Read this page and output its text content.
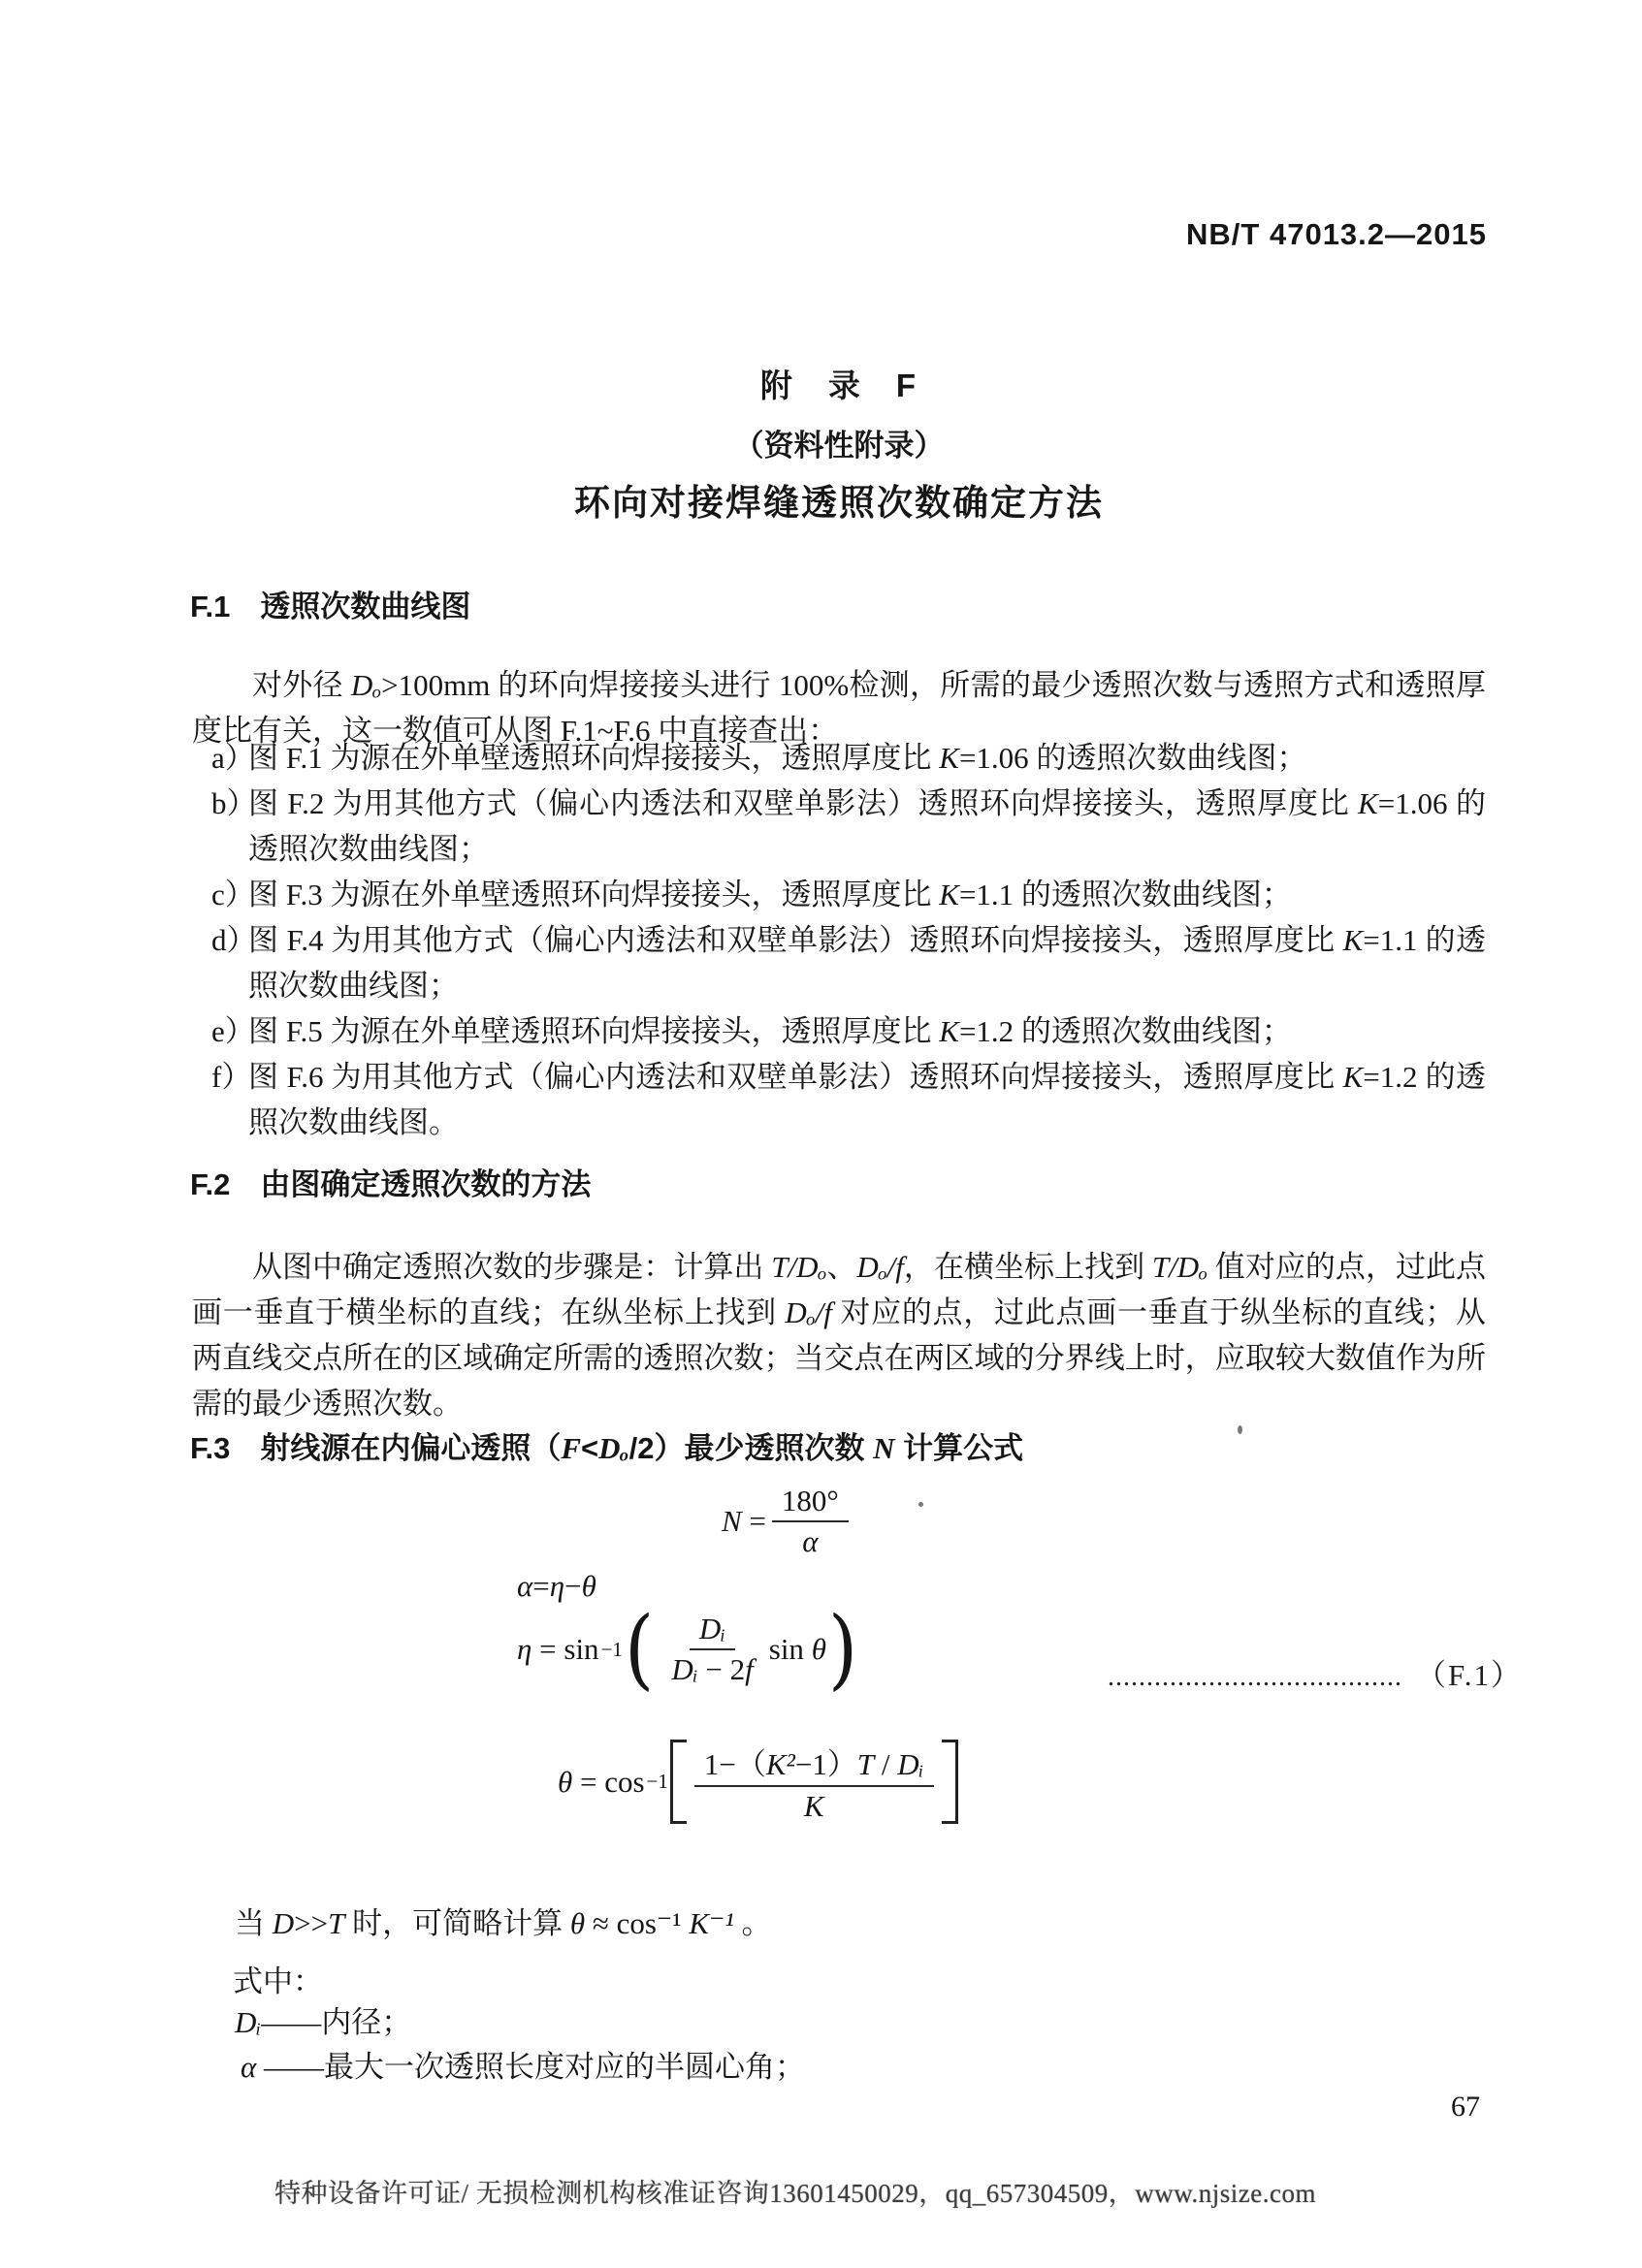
NB/T 47013.2—2015
附　录　F
（资料性附录）
环向对接焊缝透照次数确定方法
F.1　透照次数曲线图

对外径 Dₒ>100mm 的环向焊接接头进行 100%检测，所需的最少透照次数与透照方式和透照厚度比有关，这一数值可从图 F.1~F.6 中直接查出：

a）
图 F.1 为源在外单壁透照环向焊接接头，透照厚度比 K=1.06 的透照次数曲线图；
b）
图 F.2 为用其他方式（偏心内透法和双壁单影法）透照环向焊接接头，透照厚度比 K=1.06 的透照次数曲线图；
c）
图 F.3 为源在外单壁透照环向焊接接头，透照厚度比 K=1.1 的透照次数曲线图；
d）
图 F.4 为用其他方式（偏心内透法和双壁单影法）透照环向焊接接头，透照厚度比 K=1.1 的透照次数曲线图；
e）
图 F.5 为源在外单壁透照环向焊接接头，透照厚度比 K=1.2 的透照次数曲线图；
f）
图 F.6 为用其他方式（偏心内透法和双壁单影法）透照环向焊接接头，透照厚度比 K=1.2 的透照次数曲线图。
F.2　由图确定透照次数的方法

从图中确定透照次数的步骤是：计算出 T/Dₒ、Dₒ/f，在横坐标上找到 T/Dₒ 值对应的点，过此点画一垂直于横坐标的直线；在纵坐标上找到 Dₒ/f 对应的点，过此点画一垂直于纵坐标的直线；从两直线交点所在的区域确定所需的透照次数；当交点在两区域的分界线上时，应取较大数值作为所需的最少透照次数。

F.3　射线源在内偏心透照（F<Dₒ/2）最少透照次数 N 计算公式
$N = \frac{180^\circ}{\alpha}$
α = η − θ
η = sin −1 ( $\frac{\text{Dᵢ}}{\text{Dᵢ − 2f}}$ sin θ )	...................................... （F.1）
$\theta = \cos -1 \frac{\text{1−（K²−1）T / Dᵢ}}{K}$
当 D>>T 时，可简略计算 θ ≈ cos⁻¹ K⁻¹ 。
式中：
Dᵢ——内径；
α ——最大一次透照长度对应的半圆心角；
67
特种设备许可证/ 无损检测机构核准证咨询13601450029，qq_657304509，www.njsize.com
